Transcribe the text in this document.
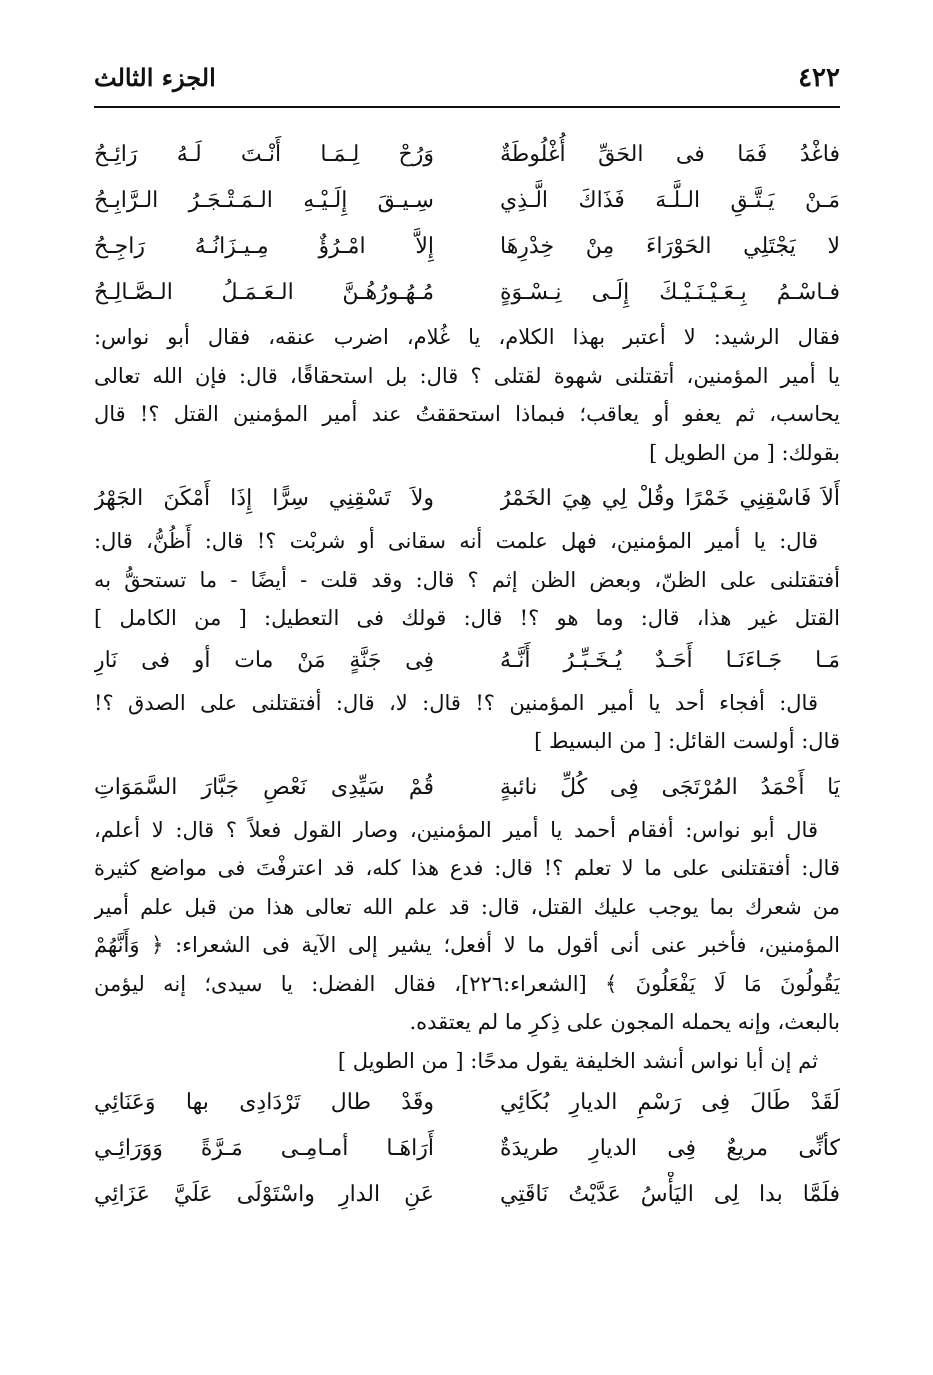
٤٢٢
الجزء الثالث
فاغْدُ فَمَا فى الحَقِّ أُغْلُوطَةٌ
وَرُحْ لِـمَـا أَنْـتَ لَـهُ رَائِـحُ
مَـنْ يَـتَّـقِ الـلَّـهَ فَذَاكَ الَّـذِي
سِـيـقَ إِلَـيْـهِ الـمَـتْـجَـرُ الـرَّابِـحُ
لا يَجْتَلِي الحَوْرَاءَ مِنْ خِدْرِهَا
إِلاَّ امْـرُؤٌ مِـيـزَانُـهُ رَاجِـحُ
فـاسْـمُ بِـعَـيْـنَـيْـكَ إِلَـى نِـسْـوَةٍ
مُـهُـورُهُـنَّ الـعَـمَـلُ الـصَّـالِـحُ
فقال الرشيد: لا أعتبر بهذا الكلام، يا غُلام، اضرب عنقه، فقال أبو نواس:
يا أمير المؤمنين، أتقتلنى شهوة لقتلى ؟ قال: بل استحقاقًا، قال: فإن الله تعالى
يحاسب، ثم يعفو أو يعاقب؛ فبماذا استحققتُ عند أمير المؤمنين القتل ؟! قال
بقولك: [ من الطويل ]
أَلاَ فَاسْقِنِي خَمْرًا وقُلْ لِي هِيَ الخَمْرُ
ولاَ تَسْقِنِي سِرًّا إِذَا أَمْكَنَ الجَهْرُ
قال: يا أمير المؤمنين، فهل علمت أنه سقانى أو شربْت ؟! قال: أَظُنُّ، قال:
أفتقتلنى على الظنّ، وبعض الظن إثم ؟ قال: وقد قلت - أيضًا - ما تستحقُّ به
القتل غير هذا، قال: وما هو ؟! قال: قولك فى التعطيل: [ من الكامل ]
مَـا جَـاءَنَـا أَحَـدٌ يُـخَـبِّـرُ أَنَّـهُ
فِى جَنَّةٍ مَنْ مات أو فى نَارِ
قال: أفجاء أحد يا أمير المؤمنين ؟! قال: لا، قال: أفتقتلنى على الصدق ؟!
قال: أولست القائل: [ من البسيط ]
يَا أَحْمَدُ المُرْتَجَى فِى كُلِّ نائبةٍ
قُمْ سَيِّدِى نَعْصِ جَبَّارَ السَّمَوَاتِ
قال أبو نواس: أفقام أحمد يا أمير المؤمنين، وصار القول فعلاً ؟ قال: لا أعلم،
قال: أفتقتلنى على ما لا تعلم ؟! قال: فدع هذا كله، قد اعترفْتَ فى مواضع كثيرة
من شعرك بما يوجب عليك القتل، قال: قد علم الله تعالى هذا من قبل علم أمير
المؤمنين، فأخبر عنى أنى أقول ما لا أفعل؛ يشير إلى الآية فى الشعراء: ﴿ وَأَنَّهُمْ
يَقُولُونَ مَا لَا يَفْعَلُونَ ﴾ [الشعراء:٢٢٦]، فقال الفضل: يا سيدى؛ إنه ليؤمن
بالبعث، وإنه يحمله المجون على ذِكرِ ما لم يعتقده.
ثم إن أبا نواس أنشد الخليفة يقول مدحًا: [ من الطويل ]
لَقَدْ طَالَ فِى رَسْمِ الديارِ بُكَائِي
وقَدْ طال تَرْدَادِى بها وَعَنَائِي
كأنِّى مريعٌ فِى الديارِ طريدَةٌ
أَرَاهَـا أمـامِـى مَـرَّةً وَوَرَائِـي
فلَمَّا بدا لِى اليَأْسُ عَدَّيْتُ نَاقَتِي
عَنِ الدارِ واسْتَوْلَى عَلَيَّ عَزَائِي
